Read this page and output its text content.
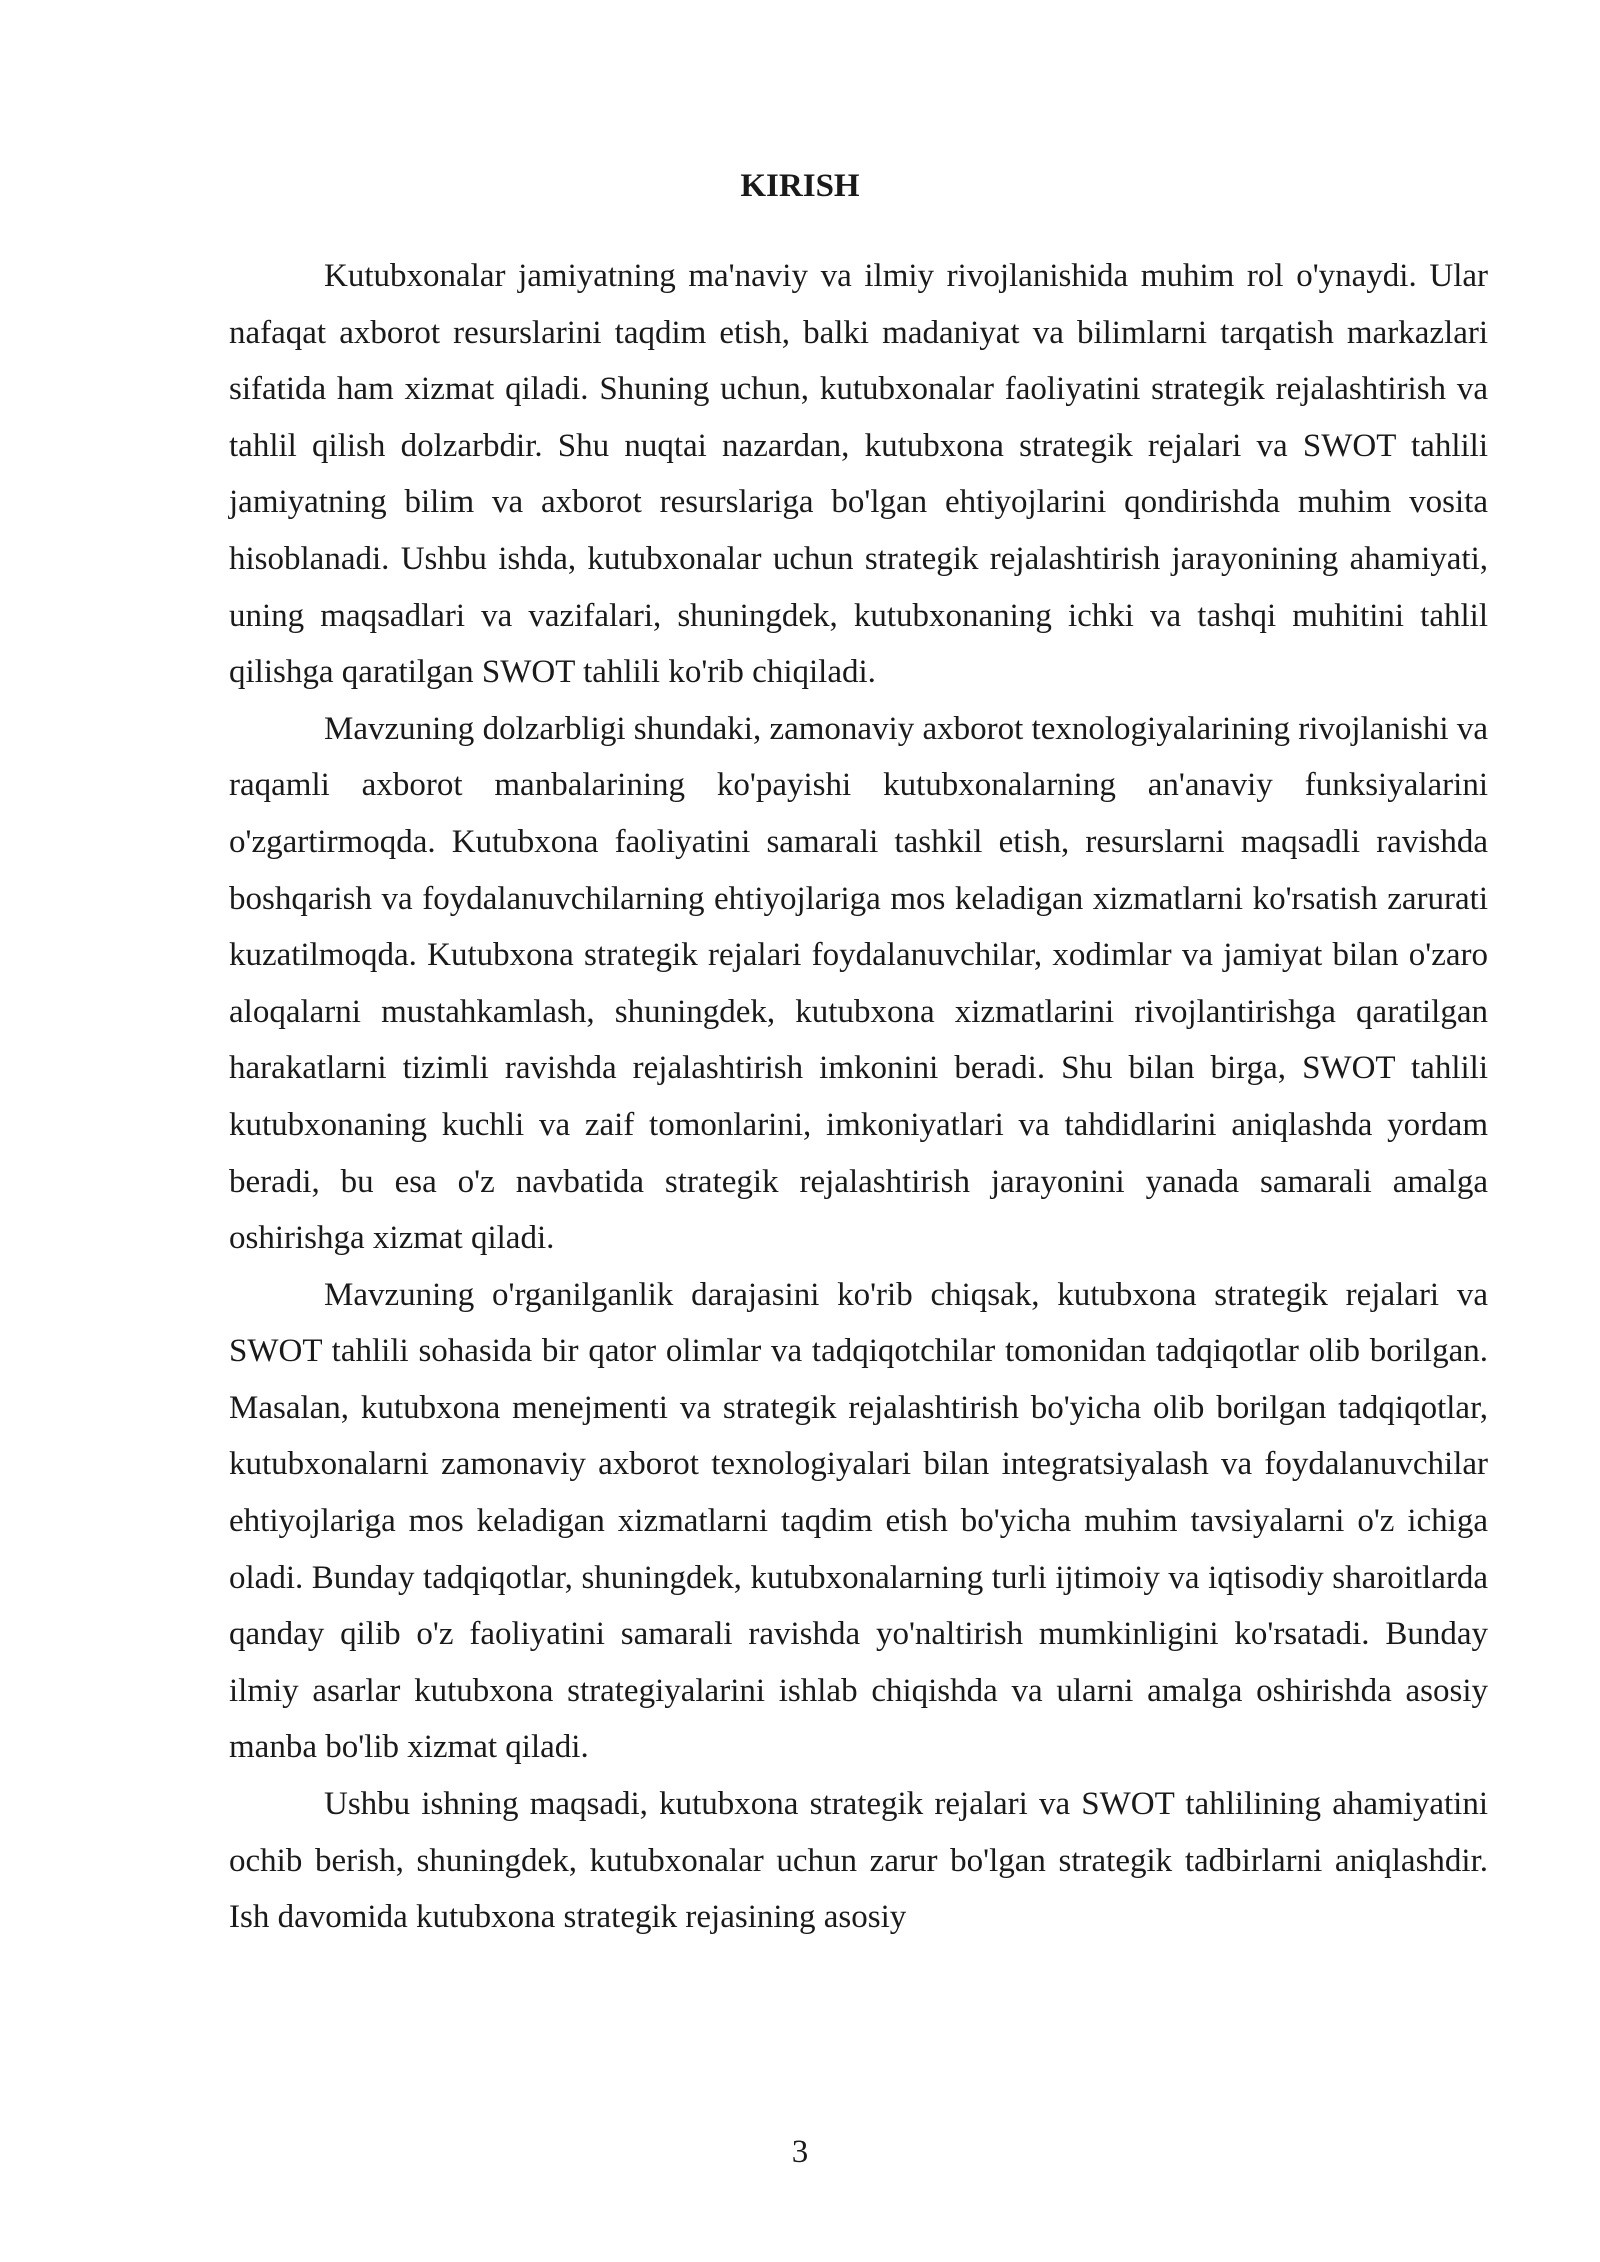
KIRISH

Kutubxonalar jamiyatning ma'naviy va ilmiy rivojlanishida muhim rol o'ynaydi. Ular nafaqat axborot resurslarini taqdim etish, balki madaniyat va bilimlarni tarqatish markazlari sifatida ham xizmat qiladi. Shuning uchun, kutubxonalar faoliyatini strategik rejalashtirish va tahlil qilish dolzarbdir. Shu nuqtai nazardan, kutubxona strategik rejalari va SWOT tahlili jamiyatning bilim va axborot resurslariga bo'lgan ehtiyojlarini qondirishda muhim vosita hisoblanadi. Ushbu ishda, kutubxonalar uchun strategik rejalashtirish jarayonining ahamiyati, uning maqsadlari va vazifalari, shuningdek, kutubxonaning ichki va tashqi muhitini tahlil qilishga qaratilgan SWOT tahlili ko'rib chiqiladi.

Mavzuning dolzarbligi shundaki, zamonaviy axborot texnologiyalarining rivojlanishi va raqamli axborot manbalarining ko'payishi kutubxonalarning an'anaviy funksiyalarini o'zgartirmoqda. Kutubxona faoliyatini samarali tashkil etish, resurslarni maqsadli ravishda boshqarish va foydalanuvchilarning ehtiyojlariga mos keladigan xizmatlarni ko'rsatish zarurati kuzatilmoqda. Kutubxona strategik rejalari foydalanuvchilar, xodimlar va jamiyat bilan o'zaro aloqalarni mustahkamlash, shuningdek, kutubxona xizmatlarini rivojlantirishga qaratilgan harakatlarni tizimli ravishda rejalashtirish imkonini beradi. Shu bilan birga, SWOT tahlili kutubxonaning kuchli va zaif tomonlarini, imkoniyatlari va tahdidlarini aniqlashda yordam beradi, bu esa o'z navbatida strategik rejalashtirish jarayonini yanada samarali amalga oshirishga xizmat qiladi.

Mavzuning o'rganilganlik darajasini ko'rib chiqsak, kutubxona strategik rejalari va SWOT tahlili sohasida bir qator olimlar va tadqiqotchilar tomonidan tadqiqotlar olib borilgan. Masalan, kutubxona menejmenti va strategik rejalashtirish bo'yicha olib borilgan tadqiqotlar, kutubxonalarni zamonaviy axborot texnologiyalari bilan integratsiyalash va foydalanuvchilar ehtiyojlariga mos keladigan xizmatlarni taqdim etish bo'yicha muhim tavsiyalarni o'z ichiga oladi. Bunday tadqiqotlar, shuningdek, kutubxonalarning turli ijtimoiy va iqtisodiy sharoitlarda qanday qilib o'z faoliyatini samarali ravishda yo'naltirish mumkinligini ko'rsatadi. Bunday ilmiy asarlar kutubxona strategiyalarini ishlab chiqishda va ularni amalga oshirishda asosiy manba bo'lib xizmat qiladi.

Ushbu ishning maqsadi, kutubxona strategik rejalari va SWOT tahlilining ahamiyatini ochib berish, shuningdek, kutubxonalar uchun zarur bo'lgan strategik tadbirlarni aniqlashdir. Ish davomida kutubxona strategik rejasining asosiy

3
